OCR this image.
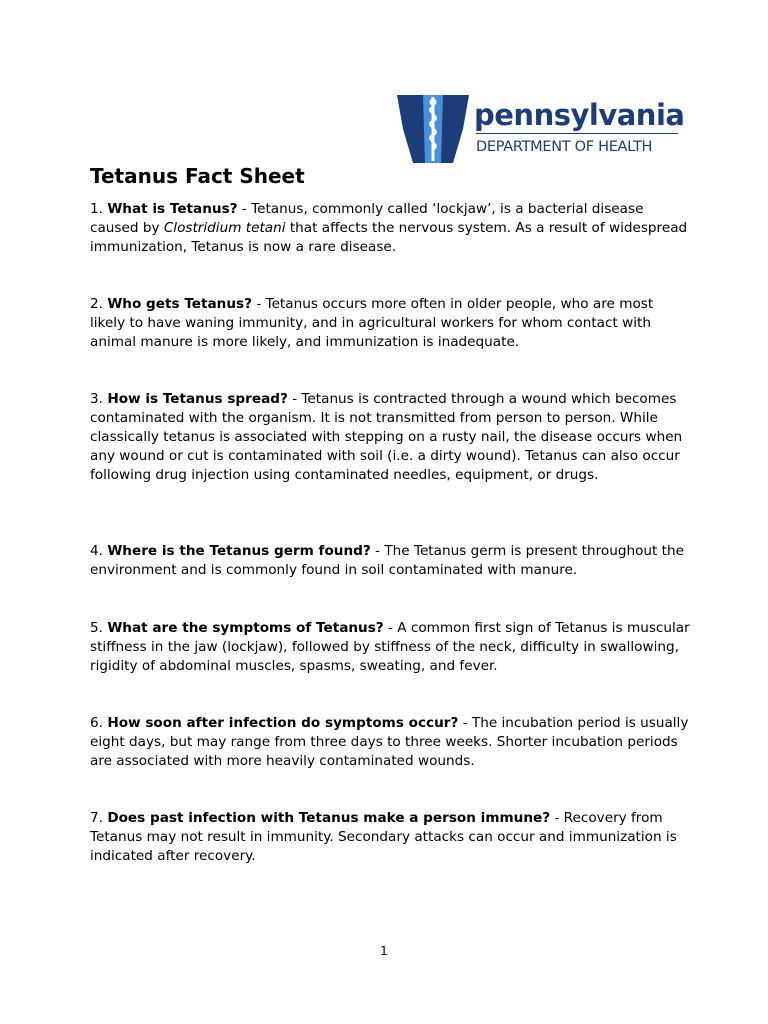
pennsylvania
DEPARTMENT OF HEALTH
Tetanus Fact Sheet

1. What is Tetanus? - Tetanus, commonly called ‘lockjaw’, is a bacterial disease caused by Clostridium tetani that affects the nervous system. As a result of widespread immunization, Tetanus is now a rare disease.

2. Who gets Tetanus? - Tetanus occurs more often in older people, who are most likely to have waning immunity, and in agricultural workers for whom contact with animal manure is more likely, and immunization is inadequate.

3. How is Tetanus spread? - Tetanus is contracted through a wound which becomes contaminated with the organism. It is not transmitted from person to person. While classically tetanus is associated with stepping on a rusty nail, the disease occurs when any wound or cut is contaminated with soil (i.e. a dirty wound). Tetanus can also occur following drug injection using contaminated needles, equipment, or drugs.

4. Where is the Tetanus germ found? - The Tetanus germ is present throughout the environment and is commonly found in soil contaminated with manure.

5. What are the symptoms of Tetanus? - A common first sign of Tetanus is muscular stiffness in the jaw (lockjaw), followed by stiffness of the neck, difficulty in swallowing, rigidity of abdominal muscles, spasms, sweating, and fever.

6. How soon after infection do symptoms occur? - The incubation period is usually eight days, but may range from three days to three weeks. Shorter incubation periods are associated with more heavily contaminated wounds.

7. Does past infection with Tetanus make a person immune? - Recovery from Tetanus may not result in immunity. Secondary attacks can occur and immunization is indicated after recovery.

1
